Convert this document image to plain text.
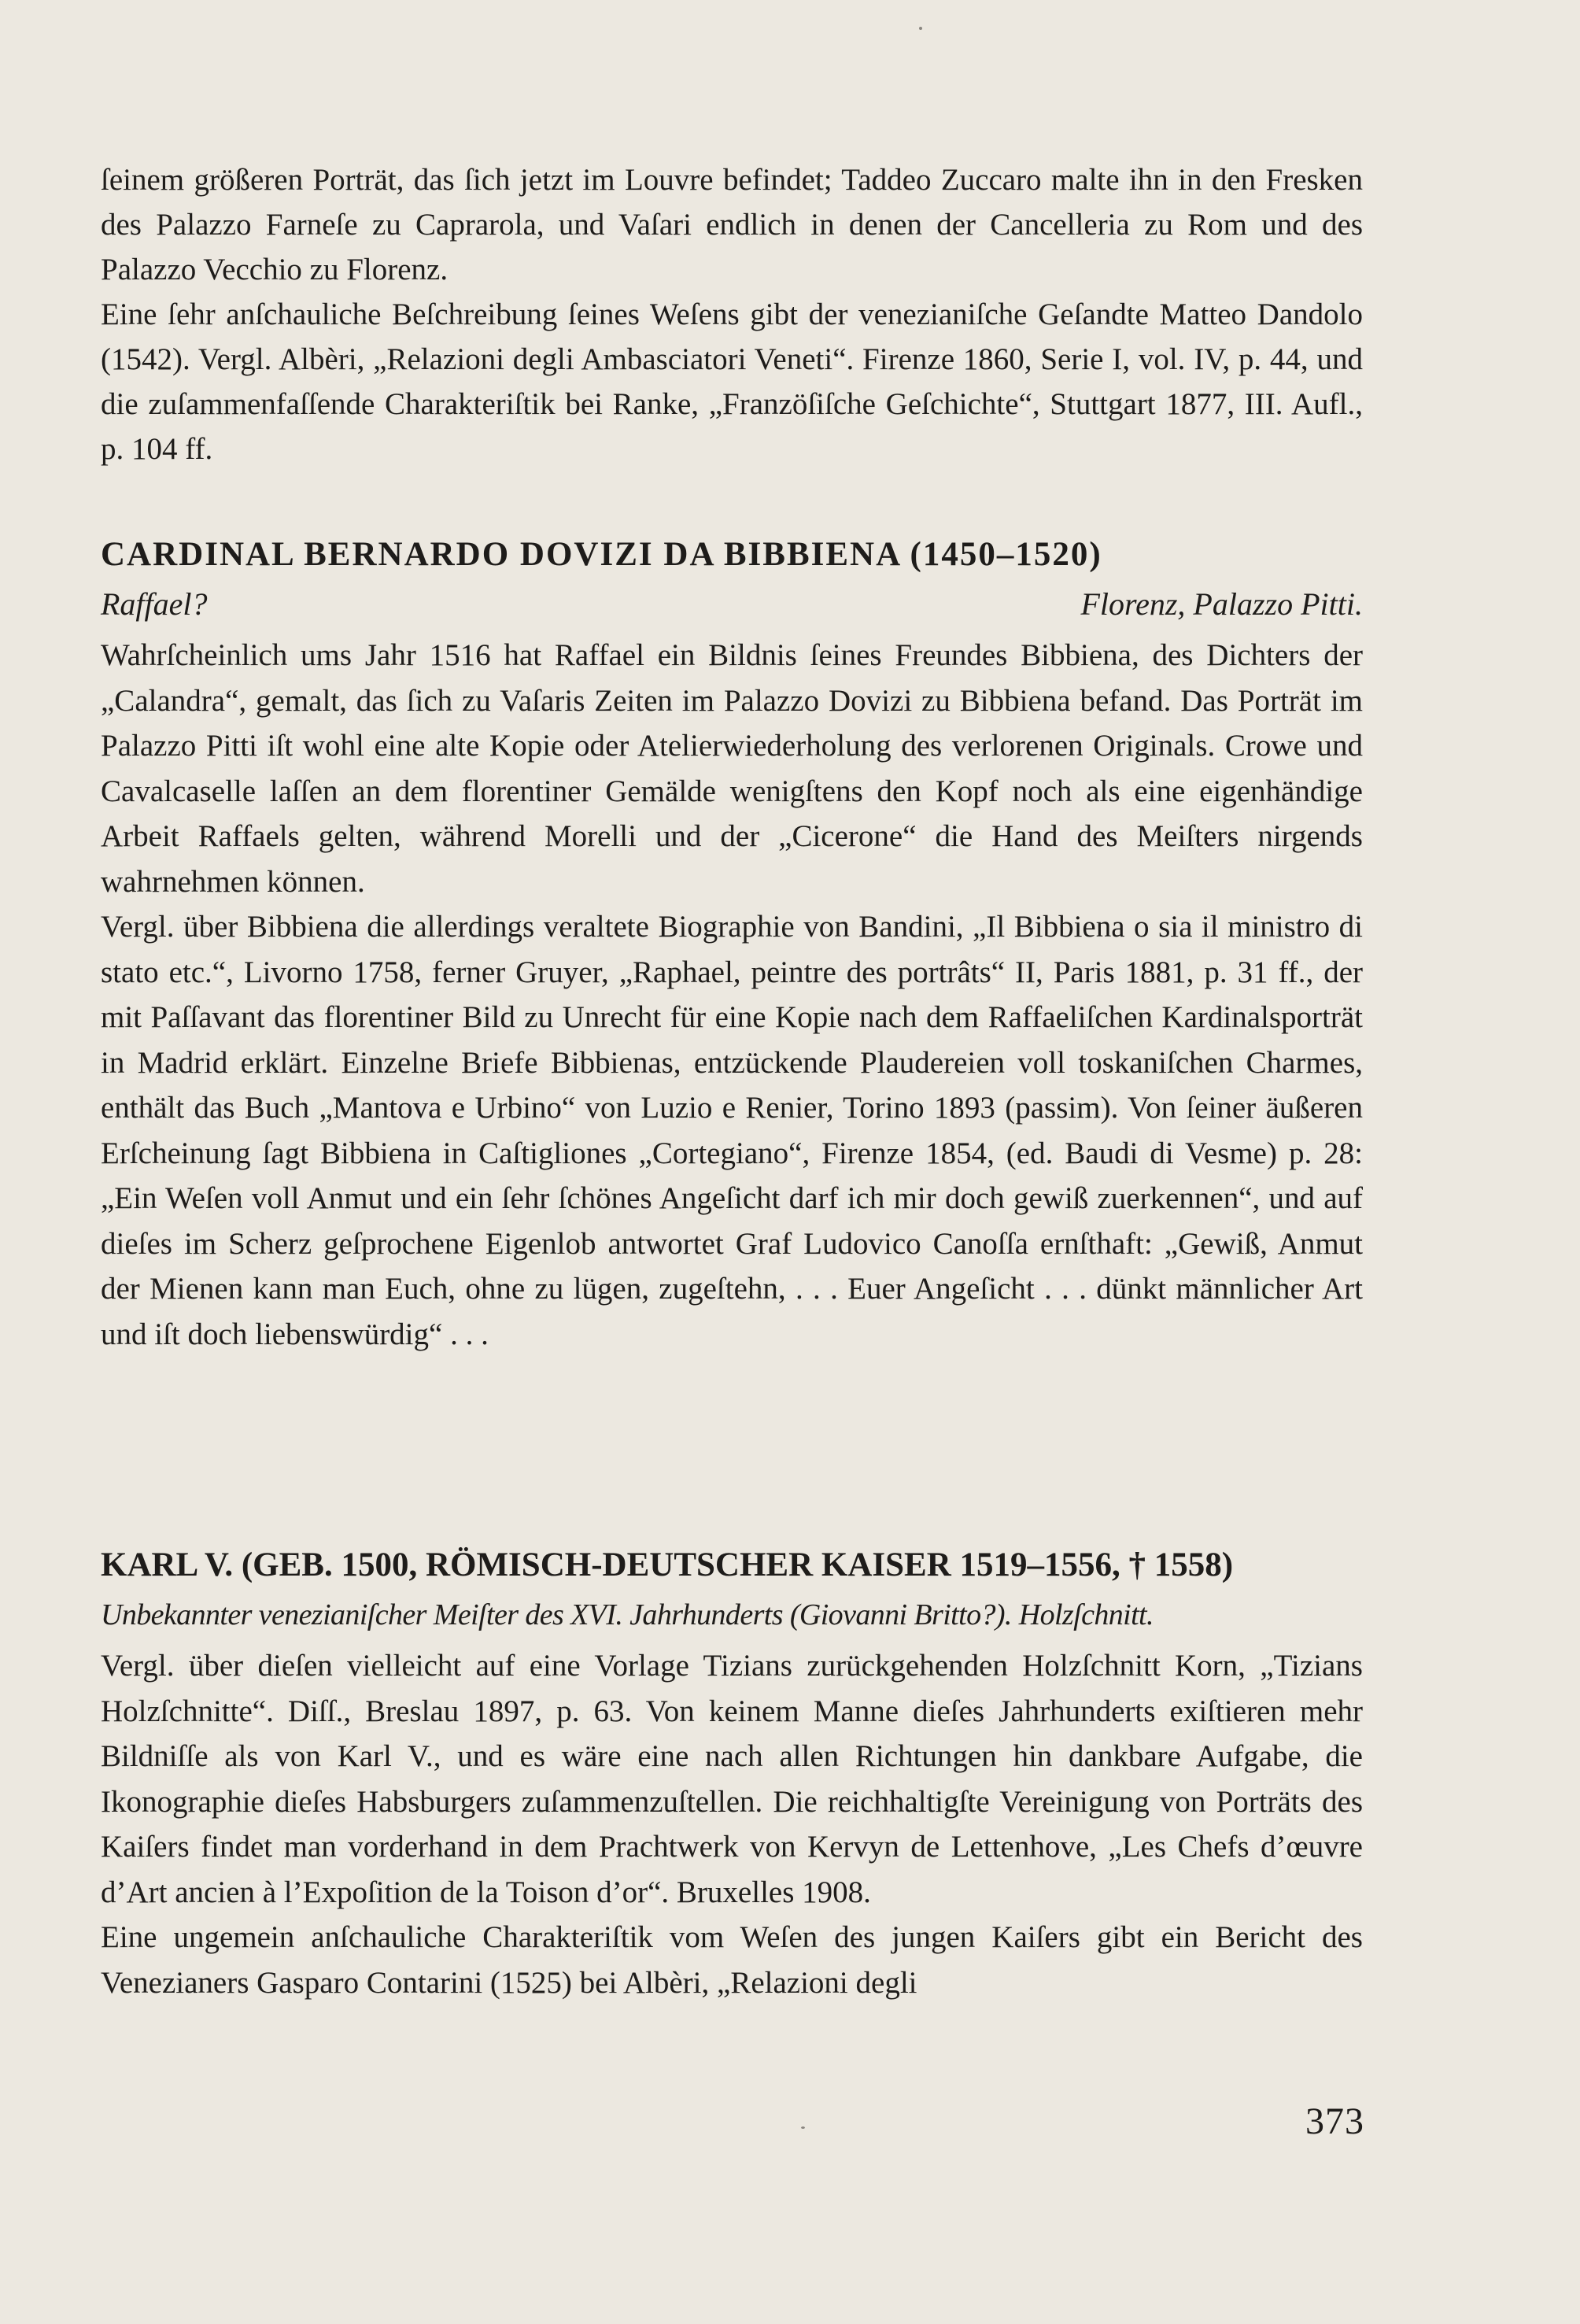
ſeinem größeren Porträt, das ſich jetzt im Louvre befindet; Taddeo Zuccaro malte ihn in den Fresken des Palazzo Farneſe zu Caprarola, und Vaſari endlich in denen der Cancelleria zu Rom und des Palazzo Vecchio zu Florenz.

Eine ſehr anſchauliche Beſchreibung ſeines Weſens gibt der venezianiſche Geſandte Matteo Dandolo (1542). Vergl. Albèri, „Relazioni degli Ambasciatori Veneti“. Firenze 1860, Serie I, vol. IV, p. 44, und die zuſammenfaſſende Charakteriſtik bei Ranke, „Franzöſiſche Geſchichte“, Stuttgart 1877, III. Aufl., p. 104 ff.

CARDINAL BERNARDO DOVIZI DA BIBBIENA (1450–1520)
Raffael?	Florenz, Palazzo Pitti.

Wahrſcheinlich ums Jahr 1516 hat Raffael ein Bildnis ſeines Freundes Bibbiena, des Dichters der „Calandra“, gemalt, das ſich zu Vaſaris Zeiten im Palazzo Dovizi zu Bibbiena befand. Das Porträt im Palazzo Pitti iſt wohl eine alte Kopie oder Atelierwiederholung des verlorenen Originals. Crowe und Cavalcaselle laſſen an dem florentiner Gemälde wenigſtens den Kopf noch als eine eigenhändige Arbeit Raffaels gelten, während Morelli und der „Cicerone“ die Hand des Meiſters nirgends wahrnehmen können.

Vergl. über Bibbiena die allerdings veraltete Biographie von Bandini, „Il Bibbiena o sia il ministro di stato etc.“, Livorno 1758, ferner Gruyer, „Raphael, peintre des portrâts“ II, Paris 1881, p. 31 ff., der mit Paſſavant das florentiner Bild zu Unrecht für eine Kopie nach dem Raffaeliſchen Kardinalsporträt in Madrid erklärt. Einzelne Briefe Bibbienas, entzückende Plaudereien voll toskaniſchen Charmes, enthält das Buch „Mantova e Urbino“ von Luzio e Renier, Torino 1893 (passim). Von ſeiner äußeren Erſcheinung ſagt Bibbiena in Caſtigliones „Cortegiano“, Firenze 1854, (ed. Baudi di Vesme) p. 28: „Ein Weſen voll Anmut und ein ſehr ſchönes Angeſicht darf ich mir doch gewiß zuerkennen“, und auf dieſes im Scherz geſprochene Eigenlob antwortet Graf Ludovico Canoſſa ernſthaft: „Gewiß, Anmut der Mienen kann man Euch, ohne zu lügen, zugeſtehn, . . . Euer Angeſicht . . . dünkt männlicher Art und iſt doch liebenswürdig“ . . .

KARL V. (GEB. 1500, RÖMISCH-DEUTSCHER KAISER 1519–1556, † 1558)
Unbekannter venezianiſcher Meiſter des XVI. Jahrhunderts (Giovanni Britto?). Holzſchnitt.

Vergl. über dieſen vielleicht auf eine Vorlage Tizians zurückgehenden Holzſchnitt Korn, „Tizians Holzſchnitte“. Diſſ., Breslau 1897, p. 63. Von keinem Manne dieſes Jahrhunderts exiſtieren mehr Bildniſſe als von Karl V., und es wäre eine nach allen Richtungen hin dankbare Aufgabe, die Ikonographie dieſes Habsburgers zuſammenzuſtellen. Die reichhaltigſte Vereinigung von Porträts des Kaiſers findet man vorderhand in dem Prachtwerk von Kervyn de Lettenhove, „Les Chefs d’œuvre d’Art ancien à l’Expoſition de la Toison d’or“. Bruxelles 1908.

Eine ungemein anſchauliche Charakteriſtik vom Weſen des jungen Kaiſers gibt ein Bericht des Venezianers Gasparo Contarini (1525) bei Albèri, „Relazioni degli

373
